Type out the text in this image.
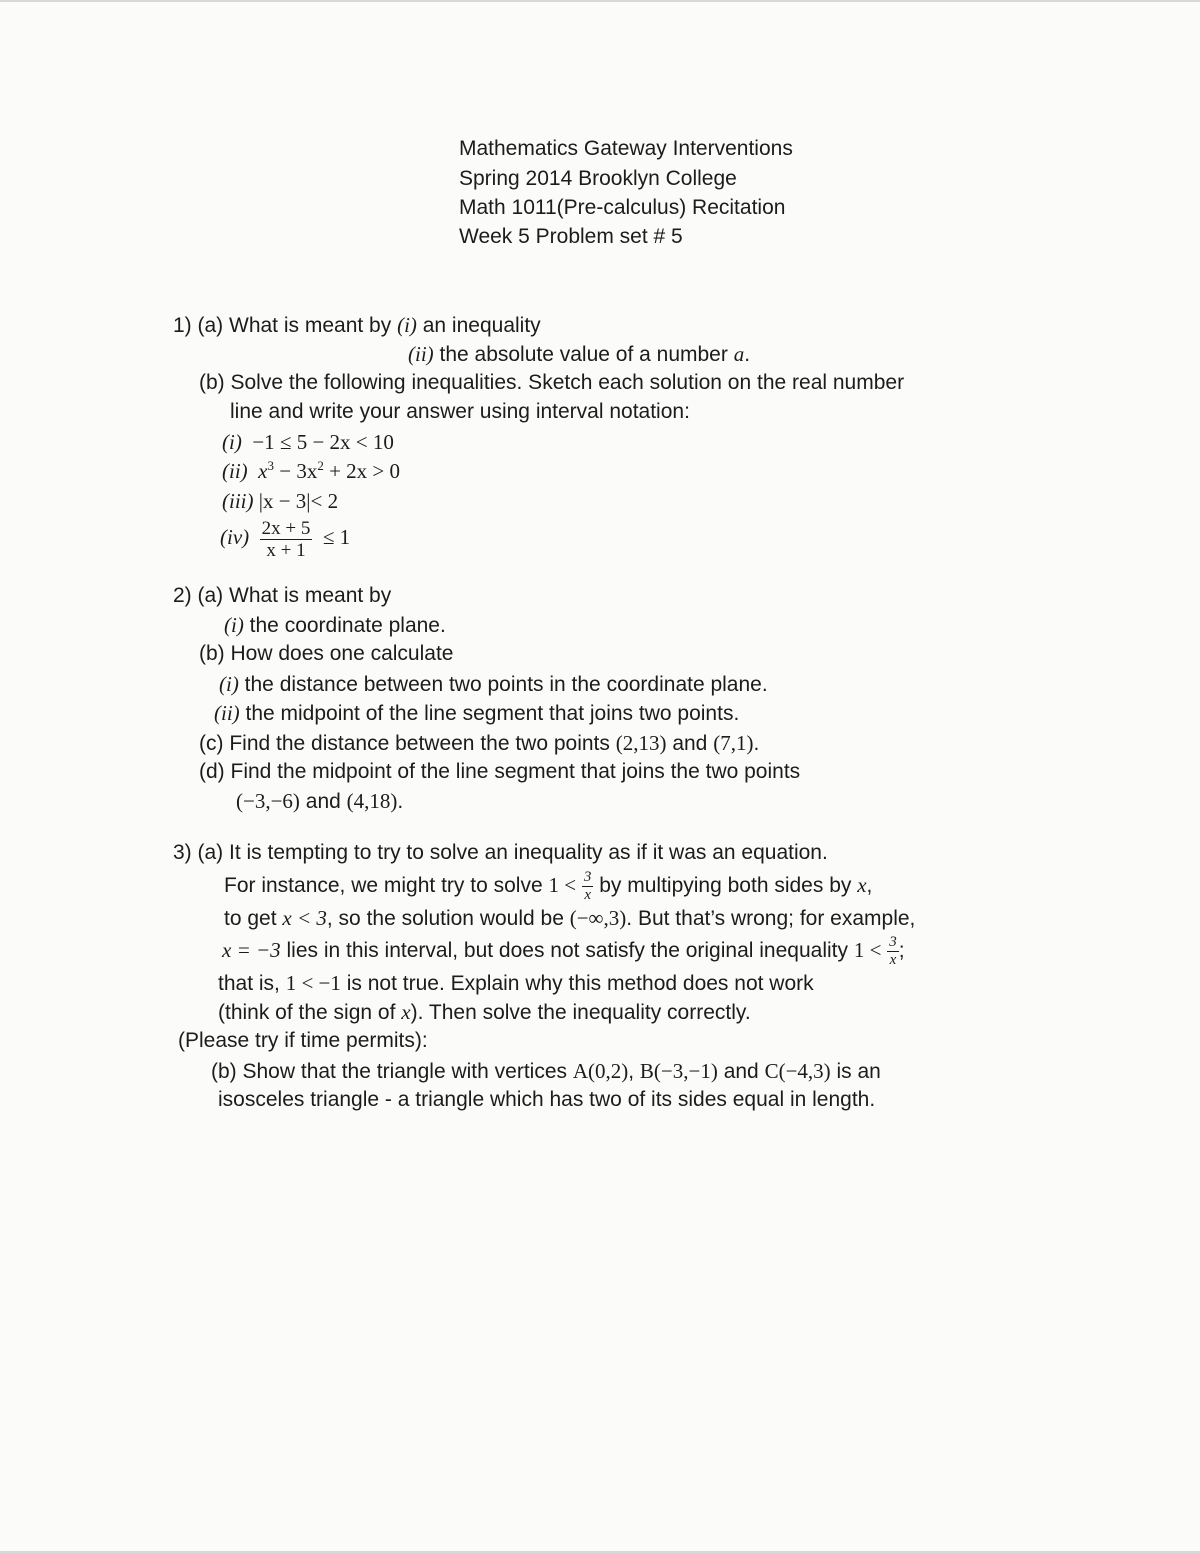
Mathematics Gateway Interventions
Spring 2014 Brooklyn College
Math 1011(Pre-calculus) Recitation
Week 5 Problem set # 5
1) (a) What is meant by (i) an inequality
(ii) the absolute value of a number a.
(b) Solve the following inequalities. Sketch each solution on the real number
line and write your answer using interval notation:
(i) −1 ≤ 5 − 2x < 10
(ii) $x^3 - 3x^2 + 2x > 0$
(iii) |x − 3|< 2
$(iv) \frac{2x + 5}{x + 1} \le 1$
2) (a) What is meant by
(i) the coordinate plane.
(b) How does one calculate
(i) the distance between two points in the coordinate plane.
(ii) the midpoint of the line segment that joins two points.
(c) Find the distance between the two points (2,13) and (7,1).
(d) Find the midpoint of the line segment that joins the two points
(−3,−6) and (4,18).
3) (a) It is tempting to try to solve an inequality as if it was an equation.
For instance, we might try to solve $1 < \frac{3}{x}$ by multipying both sides by x,
to get x < 3, so the solution would be (−∞,3). But that’s wrong; for example,
x = −3 lies in this interval, but does not satisfy the original inequality $1 < \frac{3}{x}$ ;
that is, 1 < −1 is not true. Explain why this method does not work
(think of the sign of x). Then solve the inequality correctly.
(Please try if time permits):
(b) Show that the triangle with vertices A(0,2), B(−3,−1) and C(−4,3) is an
isosceles triangle - a triangle which has two of its sides equal in length.
